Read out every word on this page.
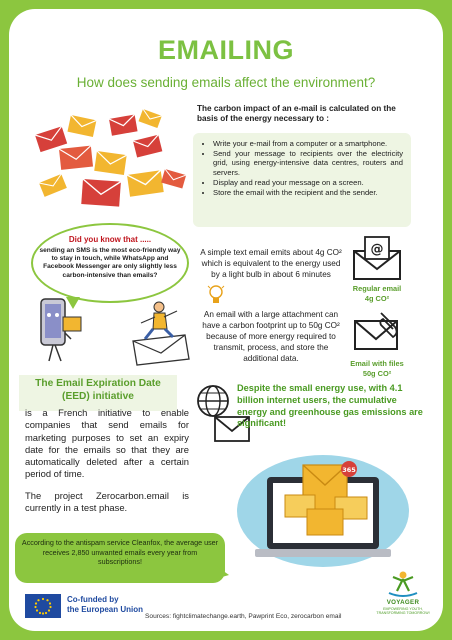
EMAILING
How does sending emails affect the environment?
The carbon impact of an e-mail is calculated on the basis of the energy necessary to :
• Write your e-mail from a computer or a smartphone.
• Send your message to recipients over the electricity grid, using energy-intensive data centres, routers and servers.
• Display and read your message on a screen.
• Store the email with the recipient and the sender.
Did you know that .....
sending an SMS is the most eco-friendly way to stay in touch, while WhatsApp and Facebook Messenger are only slightly less carbon-intensive than emails?
A simple text email emits about 4g CO² which is equivalent to the energy used by a light bulb in about 6 minutes
@
Regular email
4g CO²
An email with a large attachment can have a carbon footprint up to 50g CO² because of more energy required to transmit, process, and store the additional data.
Email with files
50g CO²
The Email Expiration Date (EED) initiative
is a French initiative to enable companies that send emails for marketing purposes to set an expiry date for the emails so that they are automatically deleted after a certain period of time.
The project Zerocarbon.email is currently in a test phase.
Despite the small energy use, with 4.1 billion internet users, the cumulative energy and greenhouse gas emissions are significant!
365
According to the antispam service Cleanfox, the average user receives 2,850 unwanted emails every year from subscriptions!
Co-funded by
the European Union
Sources: fightclimatechange.earth, Pawprint Eco, zerocarbon email
VOYAGER
EMPOWERING YOUTH, TRANSFORMING TOMORROW!
